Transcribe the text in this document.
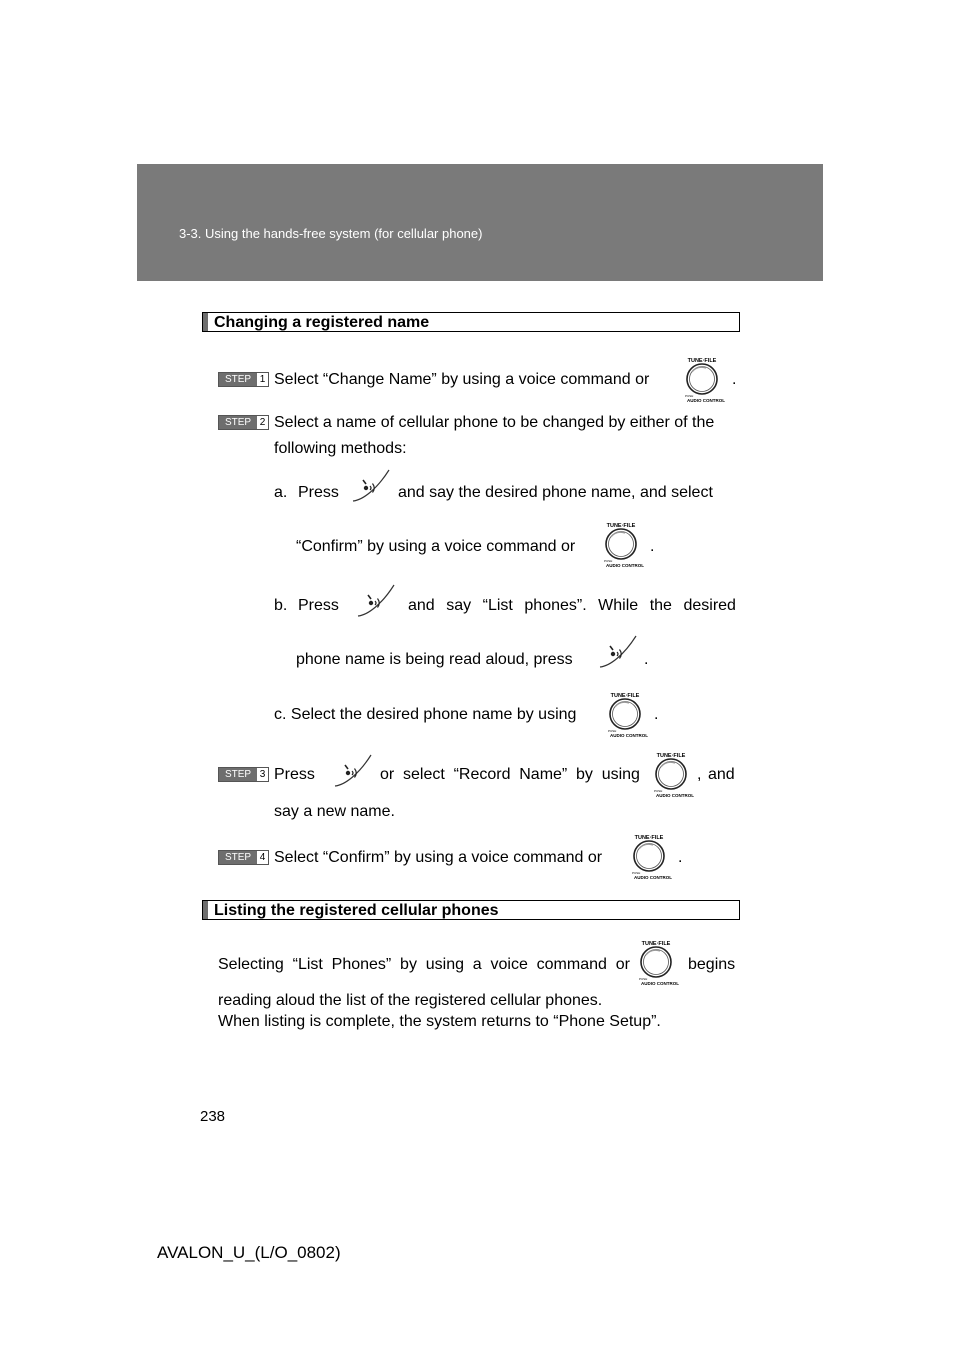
3-3. Using the hands-free system (for cellular phone)
Changing a registered name
STEP 1 Select “Change Name” by using a voice command or	.
STEP 2 Select a name of cellular phone to be changed by either of the
following methods:
a. Press	and say the desired phone name, and select
“Confirm” by using a voice command or	.
b. Press	and say “List phones”. While the desired
phone name is being read aloud, press	.
c. Select the desired phone name by using	.
STEP 3 Press	or select “Record Name” by using	, and
say a new name.
STEP 4 Select “Confirm” by using a voice command or	.
Listing the registered cellular phones
Selecting “List Phones” by using a voice command or	begins
reading aloud the list of the registered cellular phones.
When listing is complete, the system returns to “Phone Setup”.
238
AVALON_U_(L/O_0802)
